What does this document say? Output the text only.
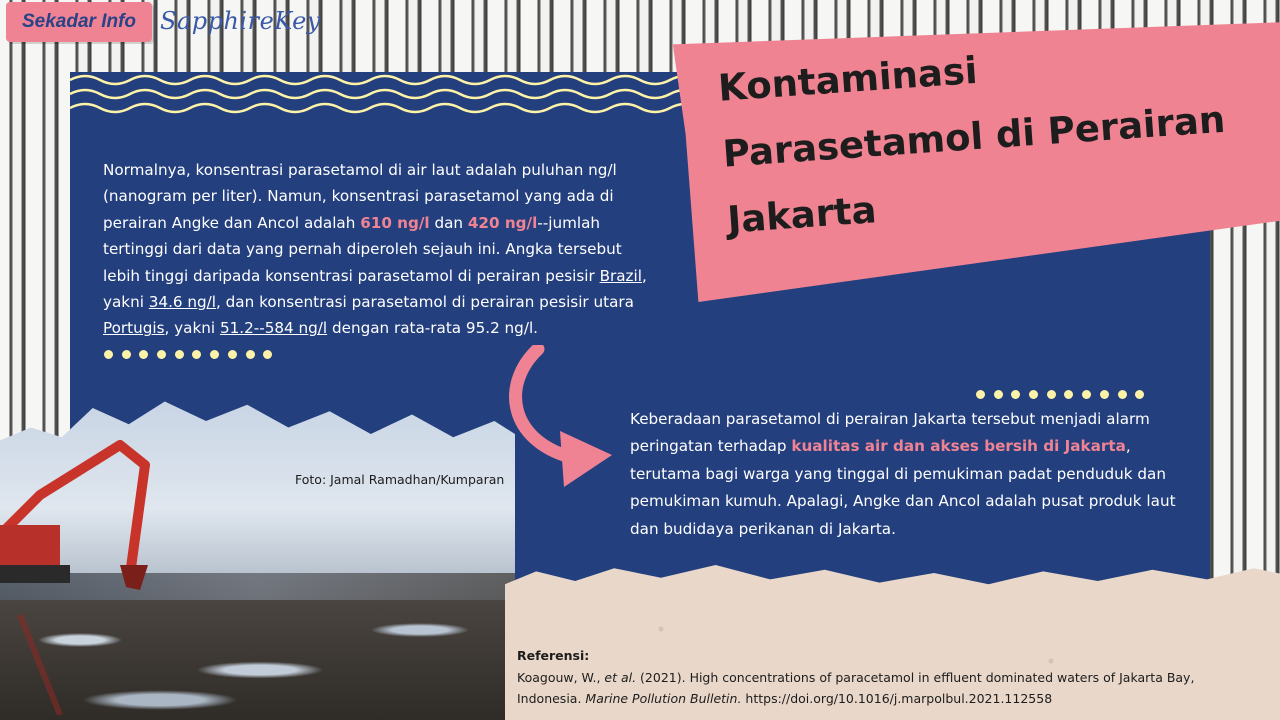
Sekadar Info SapphireKey
Kontaminasi
Parasetamol di Perairan
Jakarta

Normalnya, konsentrasi parasetamol di air laut adalah puluhan ng/l (nanogram per liter). Namun, konsentrasi parasetamol yang ada di perairan Angke dan Ancol adalah 610 ng/l dan 420 ng/l--jumlah tertinggi dari data yang pernah diperoleh sejauh ini. Angka tersebut lebih tinggi daripada konsentrasi parasetamol di perairan pesisir Brazil, yakni 34.6 ng/l, dan konsentrasi parasetamol di perairan pesisir utara Portugis, yakni 51.2--584 ng/l dengan rata-rata 95.2 ng/l.

Keberadaan parasetamol di perairan Jakarta tersebut menjadi alarm peringatan terhadap kualitas air dan akses bersih di Jakarta, terutama bagi warga yang tinggal di pemukiman padat penduduk dan pemukiman kumuh. Apalagi, Angke dan Ancol adalah pusat produk laut dan budidaya perikanan di Jakarta.

Foto: Jamal Ramadhan/Kumparan
Referensi:

Koagouw, W., et al. (2021). High concentrations of paracetamol in effluent dominated waters of Jakarta Bay, Indonesia. Marine Pollution Bulletin. https://doi.org/10.1016/j.marpolbul.2021.112558
